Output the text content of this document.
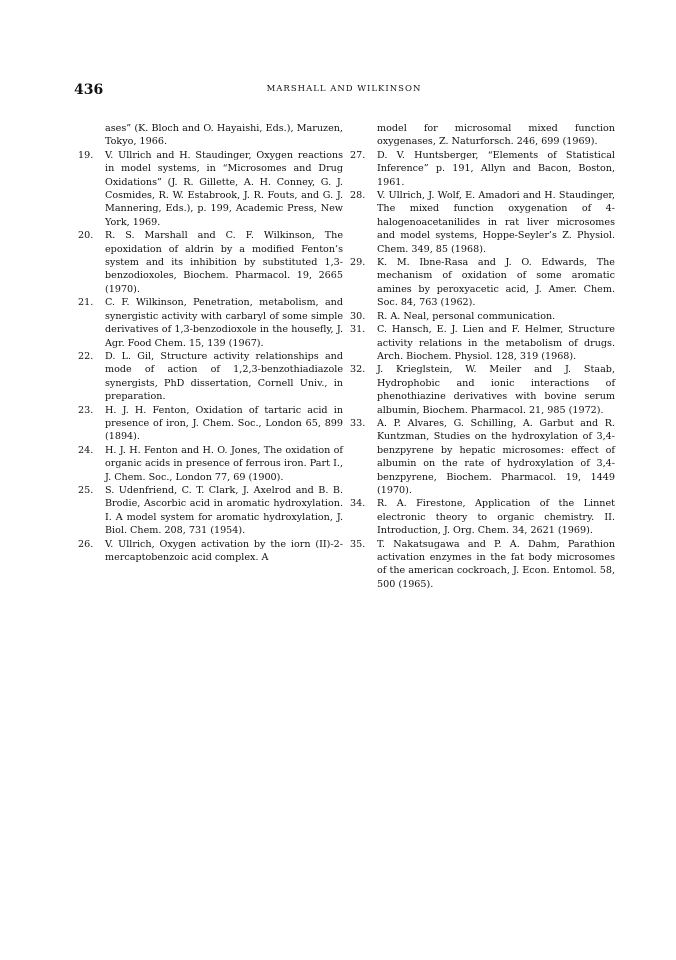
436	MARSHALL AND WILKINSON
ases” (K. Bloch and O. Hayaishi, Eds.), Maruzen, Tokyo, 1966.
19. V. Ullrich and H. Staudinger, Oxygen reactions in model systems, in “Microsomes and Drug Oxidations” (J. R. Gillette, A. H. Conney, G. J. Cosmides, R. W. Estabrook, J. R. Fouts, and G. J. Mannering, Eds.), p. 199, Academic Press, New York, 1969.
20. R. S. Marshall and C. F. Wilkinson, The epoxidation of aldrin by a modified Fenton’s system and its inhibition by substituted 1,3-benzodioxoles, Biochem. Pharmacol. 19, 2665 (1970).
21. C. F. Wilkinson, Penetration, metabolism, and synergistic activity with carbaryl of some simple derivatives of 1,3-benzodioxole in the housefly, J. Agr. Food Chem. 15, 139 (1967).
22. D. L. Gil, Structure activity relationships and mode of action of 1,2,3-benzothiadiazole synergists, PhD dissertation, Cornell Univ., in preparation.
23. H. J. H. Fenton, Oxidation of tartaric acid in presence of iron, J. Chem. Soc., London 65, 899 (1894).
24. H. J. H. Fenton and H. O. Jones, The oxidation of organic acids in presence of ferrous iron. Part I., J. Chem. Soc., London 77, 69 (1900).
25. S. Udenfriend, C. T. Clark, J. Axelrod and B. B. Brodie, Ascorbic acid in aromatic hydroxylation. I. A model system for aromatic hydroxylation, J. Biol. Chem. 208, 731 (1954).
26. V. Ullrich, Oxygen activation by the iorn (II)-2-mercaptobenzoic acid complex. A
model for microsomal mixed function oxygenases, Z. Naturforsch. 246, 699 (1969).
27. D. V. Huntsberger, “Elements of Statistical Inference” p. 191, Allyn and Bacon, Boston, 1961.
28. V. Ullrich, J. Wolf, E. Amadori and H. Staudinger, The mixed function oxygenation of 4-halogenoacetanilides in rat liver microsomes and model systems, Hoppe-Seyler’s Z. Physiol. Chem. 349, 85 (1968).
29. K. M. Ibne-Rasa and J. O. Edwards, The mechanism of oxidation of some aromatic amines by peroxyacetic acid, J. Amer. Chem. Soc. 84, 763 (1962).
30. R. A. Neal, personal communication.
31. C. Hansch, E. J. Lien and F. Helmer, Structure activity relations in the metabolism of drugs. Arch. Biochem. Physiol. 128, 319 (1968).
32. J. Krieglstein, W. Meiler and J. Staab, Hydrophobic and ionic interactions of phenothiazine derivatives with bovine serum albumin, Biochem. Pharmacol. 21, 985 (1972).
33. A. P. Alvares, G. Schilling, A. Garbut and R. Kuntzman, Studies on the hydroxylation of 3,4-benzpyrene by hepatic microsomes: effect of albumin on the rate of hydroxylation of 3,4-benzpyrene, Biochem. Pharmacol. 19, 1449 (1970).
34. R. A. Firestone, Application of the Linnet electronic theory to organic chemistry. II. Introduction, J. Org. Chem. 34, 2621 (1969).
35. T. Nakatsugawa and P. A. Dahm, Parathion activation enzymes in the fat body microsomes of the american cockroach, J. Econ. Entomol. 58, 500 (1965).
